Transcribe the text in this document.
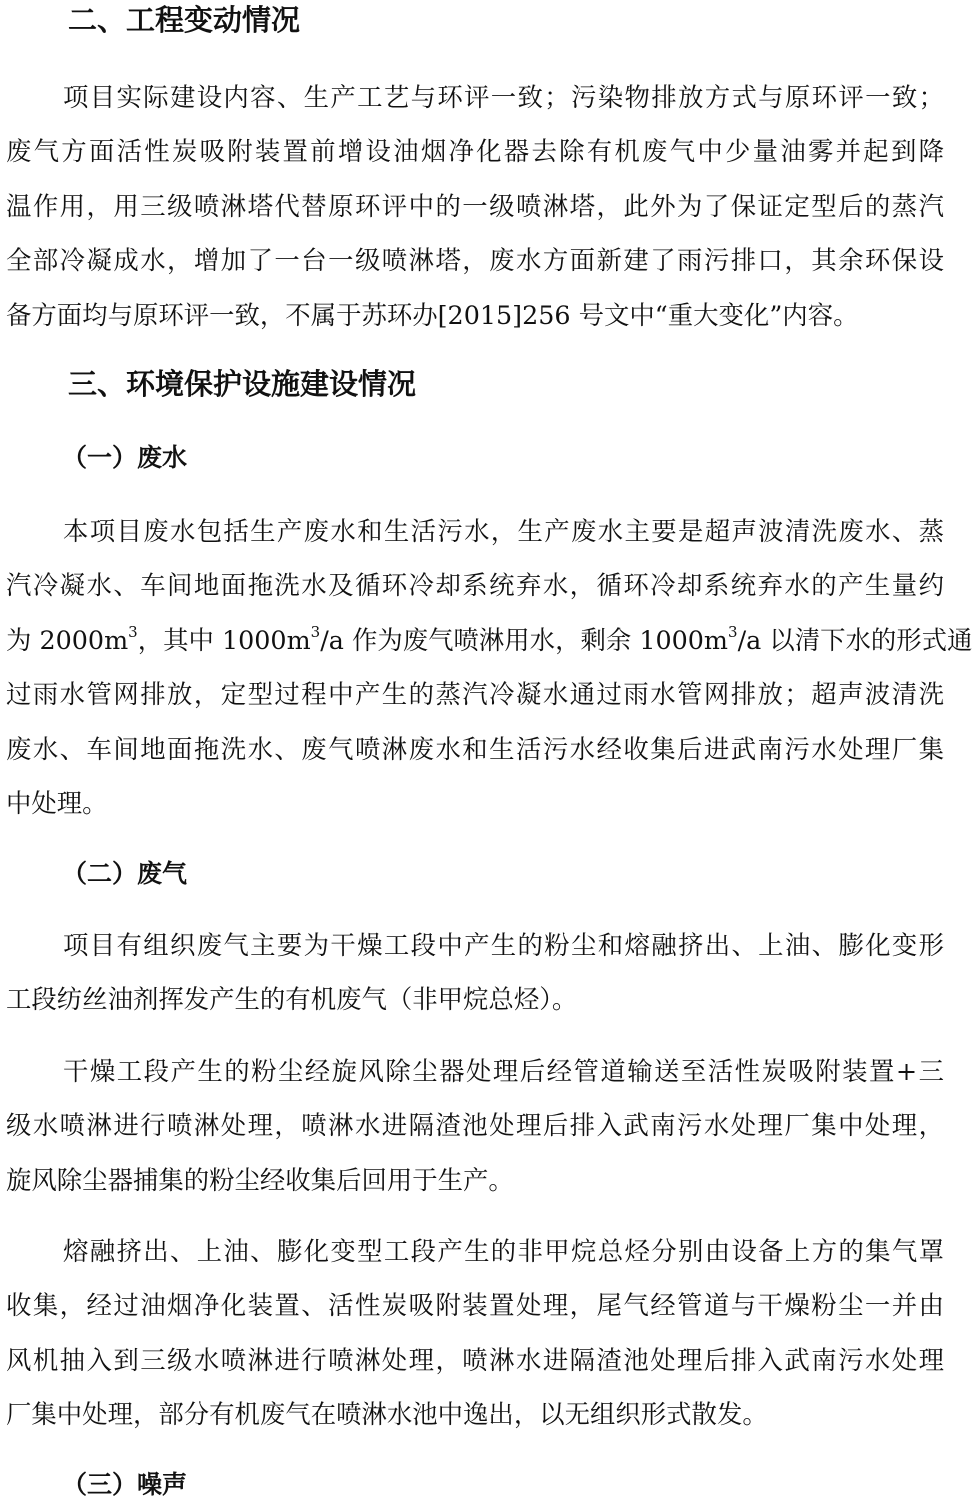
二、工程变动情况
项目实际建设内容、生产工艺与环评一致；污染物排放方式与原环评一致；
废气方面活性炭吸附装置前增设油烟净化器去除有机废气中少量油雾并起到降
温作用，用三级喷淋塔代替原环评中的一级喷淋塔，此外为了保证定型后的蒸汽
全部冷凝成水，增加了一台一级喷淋塔，废水方面新建了雨污排口，其余环保设
备方面均与原环评一致，不属于苏环办[2015]256 号文中“重大变化”内容。
三、环境保护设施建设情况
（一）废水
本项目废水包括生产废水和生活污水，生产废水主要是超声波清洗废水、蒸
汽冷凝水、车间地面拖洗水及循环冷却系统弃水，循环冷却系统弃水的产生量约
为 $2000m^3$，其中 $1000m^3/a$ 作为废气喷淋用水，剩余 $1000m^3/a$ 以清下水的形式通
过雨水管网排放，定型过程中产生的蒸汽冷凝水通过雨水管网排放；超声波清洗
废水、车间地面拖洗水、废气喷淋废水和生活污水经收集后进武南污水处理厂集
中处理。
（二）废气
项目有组织废气主要为干燥工段中产生的粉尘和熔融挤出、上油、膨化变形
工段纺丝油剂挥发产生的有机废气（非甲烷总烃）。
干燥工段产生的粉尘经旋风除尘器处理后经管道输送至活性炭吸附装置+三
级水喷淋进行喷淋处理，喷淋水进隔渣池处理后排入武南污水处理厂集中处理，
旋风除尘器捕集的粉尘经收集后回用于生产。
熔融挤出、上油、膨化变型工段产生的非甲烷总烃分别由设备上方的集气罩
收集，经过油烟净化装置、活性炭吸附装置处理，尾气经管道与干燥粉尘一并由
风机抽入到三级水喷淋进行喷淋处理，喷淋水进隔渣池处理后排入武南污水处理
厂集中处理，部分有机废气在喷淋水池中逸出，以无组织形式散发。
（三）噪声
